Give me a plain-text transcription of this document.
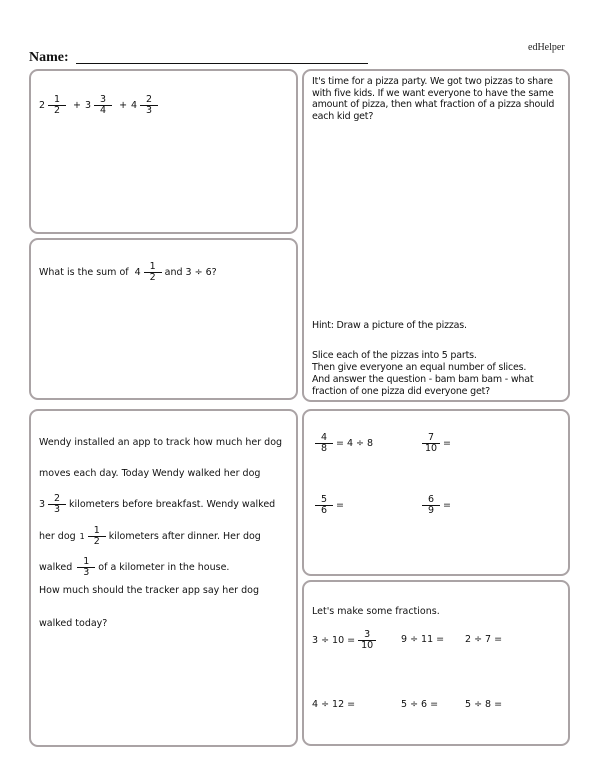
edHelper
Name:
$2 \frac{1}{2} + 3 \frac{3}{4} + 4 \frac{2}{3}$
What is the sum of $4 \frac{1}{2}$ and 3 ÷ 6?
Wendy installed an app to track how much her dog
moves each day. Today Wendy walked her dog
$3 \frac{2}{3}$ kilometers before breakfast. Wendy walked
her dog $1 \frac{1}{2}$ kilometers after dinner. Her dog
walked $\frac{1}{3}$ of a kilometer in the house.
How much should the tracker app say her dog
walked today?
It's time for a pizza party. We got two pizzas to share with five kids. If we want everyone to have the same amount of pizza, then what fraction of a pizza should each kid get?
Hint: Draw a picture of the pizzas.
Slice each of the pizzas into 5 parts.
Then give everyone an equal number of slices.
And answer the question - bam bam bam - what fraction of one pizza did everyone get?
$\frac{4}{8} = 4 \div 8$	$\frac{7}{10}$ =
$\frac{5}{6}$ =	$\frac{6}{9}$ =
Let's make some fractions.
$3 \div 10 = \frac{3}{10}$	9 ÷ 11 = 2 ÷ 7 =
4 ÷ 12 =	5 ÷ 6 =	5 ÷ 8 =
